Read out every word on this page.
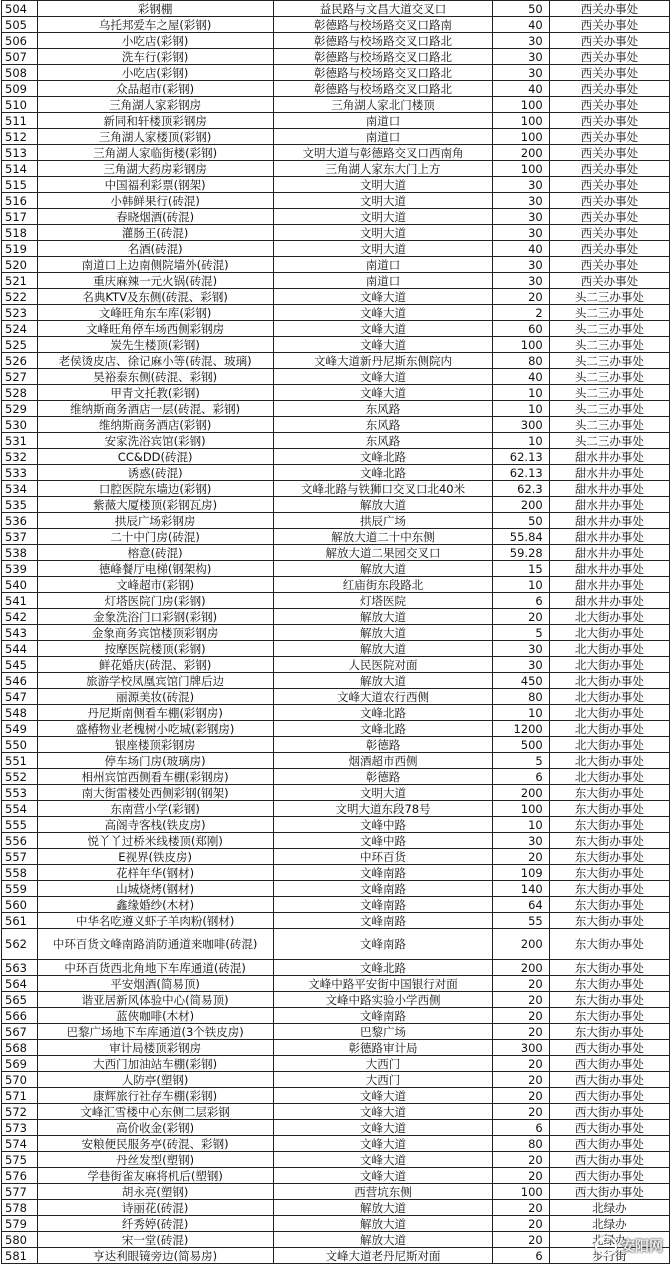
504	彩钢棚	益民路与文昌大道交叉口	50	西关办事处
505	乌托邦爱车之屋(彩钢)	彰德路与校场路交叉口路南	40	西关办事处
506	小吃店(彩钢)	彰德路与校场路交叉口路北	30	西关办事处
507	洗车行(彩钢)	彰德路与校场路交叉口路北	30	西关办事处
508	小吃店(彩钢)	彰德路与校场路交叉口路北	30	西关办事处
509	众品超市(彩钢)	彰德路与校场路交叉口路北	40	西关办事处
510	三角湖人家彩钢房	三角湖人家北门楼顶	100	西关办事处
511	新同和轩楼顶彩钢房	南道口	100	西关办事处
512	三角湖人家楼顶(彩钢)	南道口	100	西关办事处
513	三角湖人家临街楼(彩钢)	文明大道与彰德路交叉口西南角	200	西关办事处
514	三角湖大药房彩钢房	三角湖人家东大门上方	100	西关办事处
515	中国福利彩票(钢架)	文明大道	30	西关办事处
516	小韩鲜果行(砖混)	文明大道	30	西关办事处
517	春晓烟酒(砖混)	文明大道	30	西关办事处
518	灌肠王(砖混)	文明大道	30	西关办事处
519	名酒(砖混)	文明大道	40	西关办事处
520	南道口上边南侧院墙外(砖混)	南道口	30	西关办事处
521	重庆麻辣一元火锅(砖混)	南道口	30	西关办事处
522	名典KTV及东侧(砖混、彩钢)	文峰大道	20	头二三办事处
523	文峰旺角东车库(彩钢)	文峰大道	2	头二三办事处
524	文峰旺角停车场西侧彩钢房	文峰大道	60	头二三办事处
525	炭先生楼顶(彩钢)	文峰大道	100	头二三办事处
526	老侯烫皮店、徐记麻小等(砖混、玻璃)	文峰大道新丹尼斯东侧院内	80	头二三办事处
527	昊裕泰东侧(砖混、彩钢)	文峰大道	40	头二三办事处
528	甲青文托教(彩钢)	文峰大道	10	头二三办事处
529	维纳斯商务酒店一层(砖混、彩钢)	东风路	10	头二三办事处
530	维纳斯商务酒店(彩钢)	东风路	300	头二三办事处
531	安家洗浴宾馆(彩钢)	东风路	10	头二三办事处
532	CC&DD(砖混)	文峰北路	62.13	甜水井办事处
533	诱惑(砖混)	文峰北路	62.13	甜水井办事处
534	口腔医院东墙边(彩钢)	文峰北路与铁狮口交叉口北40米	62.3	甜水井办事处
535	紫薇大厦楼顶(彩钢瓦房)	解放大道	200	甜水井办事处
536	拱辰广场彩钢房	拱辰广场	50	甜水井办事处
537	二十中门房(砖混)	解放大道二十中东侧	55.84	甜水井办事处
538	榕意(砖混)	解放大道二果园交叉口	59.28	甜水井办事处
539	德峰餐厅电梯(钢架构)	解放大道	15	甜水井办事处
540	文峰超市(彩钢)	红庙街东段路北	10	甜水井办事处
541	灯塔医院门房(彩钢)	灯塔医院	6	甜水井办事处
542	金象洗浴门口彩钢(彩钢)	解放大道	20	北大街办事处
543	金象商务宾馆楼顶彩钢房	解放大道	5	北大街办事处
544	按摩医院楼顶(彩钢)	解放大道	30	北大街办事处
545	鲜花婚庆(砖混、彩钢)	人民医院对面	30	北大街办事处
546	旅游学校凤凰宾馆门牌后边	解放大道	450	北大街办事处
547	丽源美妆(砖混)	文峰大道农行西侧	80	北大街办事处
548	丹尼斯南侧看车棚(彩钢房)	文峰北路	10	北大街办事处
549	盛椿物业老槐树小吃城(彩钢房)	文峰北路	1200	北大街办事处
550	银座楼顶彩钢房	彰德路	500	北大街办事处
551	停车场门房(玻璃房)	烟酒超市西侧	5	北大街办事处
552	相州宾馆西侧看车棚(彩钢房)	彰德路	6	北大街办事处
553	南大街雷楼处西侧彩钢(钢架)	文明大道	200	东大街办事处
554	东南营小学(彩钢)	文明大道东段78号	100	东大街办事处
555	高阁寺客栈(铁皮房)	文峰中路	10	东大街办事处
556	悦丫丫过桥米线楼顶(郑刚)	文峰中路	30	东大街办事处
557	E视界(铁皮房)	中环百货	20	东大街办事处
558	花样年华(钢材)	文峰南路	109	东大街办事处
559	山城烧烤(钢材)	文峰南路	140	东大街办事处
560	鑫缘婚纱(木材)	文峰南路	64	东大街办事处
561	中华名吃遵义虾子羊肉粉(钢材)	文峰南路	55	东大街办事处
562	中环百货文峰南路消防通道来咖啡(砖混)	文峰南路	200	东大街办事处
563	中环百货西北角地下车库通道(砖混)	文峰北路	200	东大街办事处
564	平安烟酒(简易顶)	文峰中路平安街中国银行对面	20	东大街办事处
565	谐亚居新风体验中心(简易顶)	文峰中路实验小学西侧	20	东大街办事处
566	蓝俠咖啡(木材)	文峰南路	20	东大街办事处
567	巴黎广场地下车库通道(3个铁皮房)	巴黎广场	20	东大街办事处
568	审计局楼顶彩钢房	彰德路审计局	300	西大街办事处
569	大西门加油站车棚(彩钢)	大西门	20	西大街办事处
570	人防亭(塑钢)	大西门	20	西大街办事处
571	康辉旅行社存车棚(彩钢)	文峰大道	20	西大街办事处
572	文峰汇雪楼中心东侧二层彩钢	文峰大道	20	西大街办事处
573	高价收金(彩钢)	文峰大道	6	西大街办事处
574	安粮便民服务亭(砖混、彩钢)	文峰大道	80	西大街办事处
575	丹丝发型(塑钢)	文峰大道	20	西大街办事处
576	学巷街雀友麻将机后(塑钢)	文峰大道	20	西大街办事处
577	胡永亮(塑钢)	西营坑东侧	100	西大街办事处
578	诗丽花(砖混)	解放大道	20	北绿办
579	纤秀婷(砖混)	解放大道	20	北绿办
580	宋一堂(砖混)	解放大道	20	北绿办
581	亨达利眼镜旁边(简易房)	文峰大道老丹尼斯对面	6	步行街
安阳网
